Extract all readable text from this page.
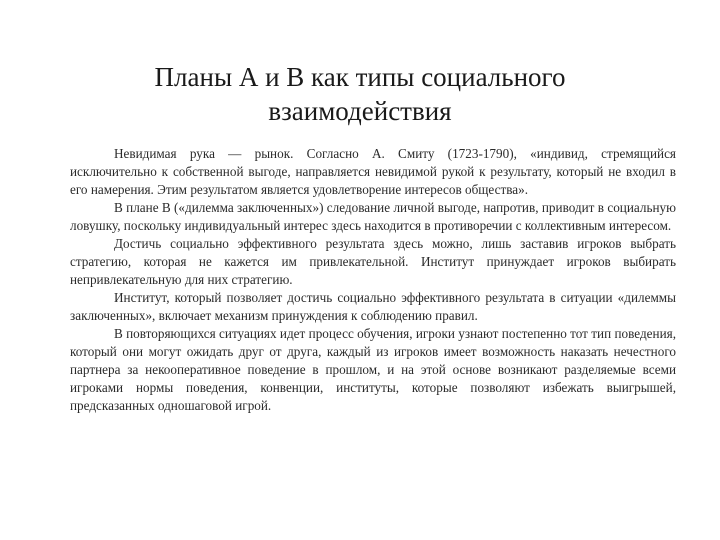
Планы А и В как типы социального
взаимодействия

Невидимая рука — рынок. Согласно А. Смиту (1723-1790), «индивид, стремящийся исключительно к собственной выгоде, направляется невидимой рукой к результату, который не входил в его намерения. Этим результатом является удовлетворение интересов общества».

В плане В («дилемма заключенных») следование личной выгоде, напротив, приводит в социальную ловушку, поскольку индивидуальный интерес здесь находится в противоречии с коллективным интересом.

Достичь социально эффективного результата здесь можно, лишь заставив игроков выбрать стратегию, которая не кажется им привлекательной. Институт принуждает игроков выбирать непривлекательную для них стратегию.

Институт, который позволяет достичь социально эффективного результата в ситуации «дилеммы заключенных», включает механизм принуждения к соблюдению правил.

В повторяющихся ситуациях идет процесс обучения, игроки узнают постепенно тот тип поведения, который они могут ожидать друг от друга, каждый из игроков имеет возможность наказать нечестного партнера за некооперативное поведение в прошлом, и на этой основе возникают разделяемые всеми игроками нормы поведения, конвенции, институты, которые позволяют избежать выигрышей, предсказанных одношаговой игрой.
